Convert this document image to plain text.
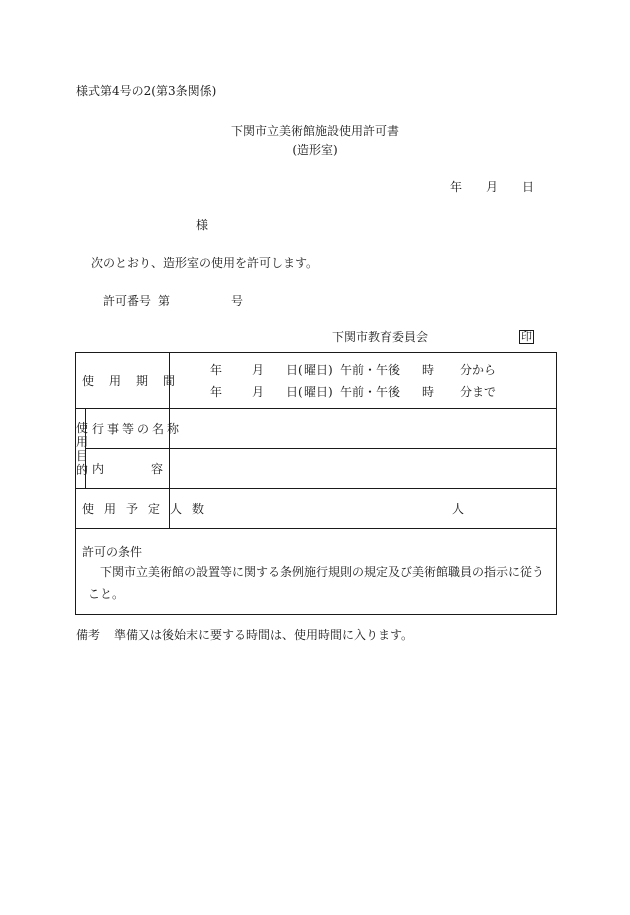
様式第4号の2(第3条関係)
下関市立美術館施設使用許可書
(造形室)
年 月 日
様
次のとおり、造形室の使用を許可します。
許可番号 第	号
下関市教育委員会	印
使用期間		年 月 日(曜日) 午前・午後 時 分から
年 月 日(曜日) 午前・午後 時 分まで

使
用
目
的	行事等の名称	
	内 容	

使用予定人数		人

許可の条件
下関市立美術館の設置等に関する条例施行規則の規定及び美術館職員の指示に従うこと。		
備考 準備又は後始末に要する時間は、使用時間に入ります。
